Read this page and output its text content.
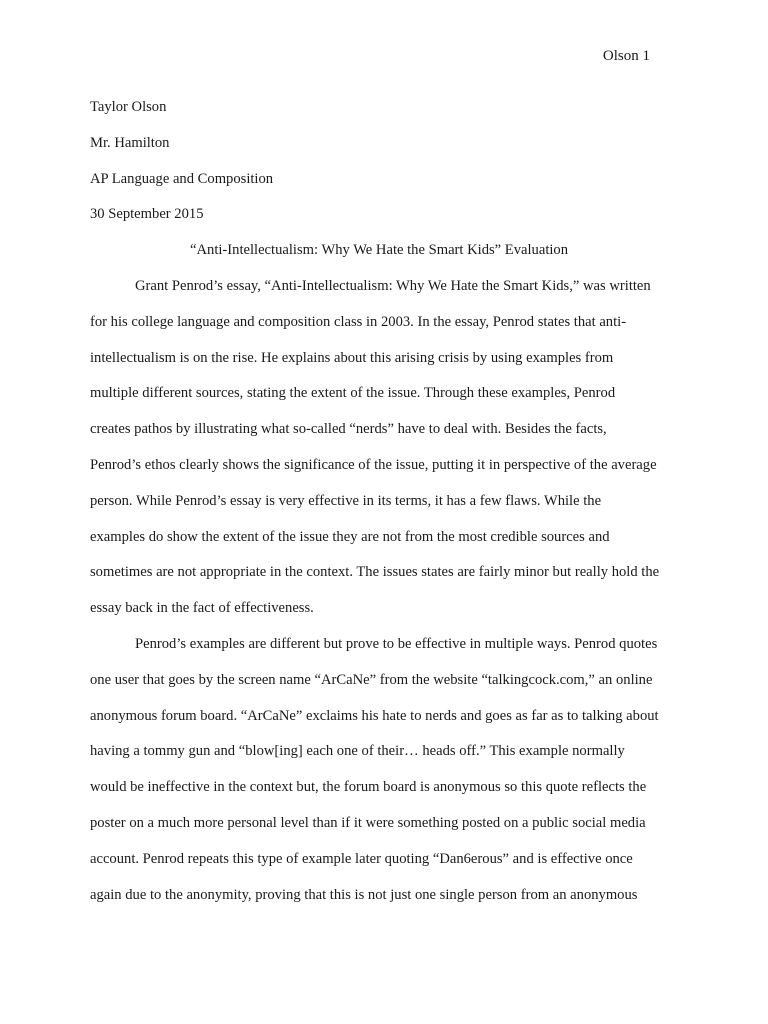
Olson 1
Taylor Olson
Mr. Hamilton
AP Language and Composition
30 September 2015
“Anti-Intellectualism: Why We Hate the Smart Kids” Evaluation
Grant Penrod’s essay, “Anti-Intellectualism: Why We Hate the Smart Kids,” was written
for his college language and composition class in 2003. In the essay, Penrod states that anti-
intellectualism is on the rise. He explains about this arising crisis by using examples from
multiple different sources, stating the extent of the issue. Through these examples, Penrod
creates pathos by illustrating what so-called “nerds” have to deal with. Besides the facts,
Penrod’s ethos clearly shows the significance of the issue, putting it in perspective of the average
person. While Penrod’s essay is very effective in its terms, it has a few flaws. While the
examples do show the extent of the issue they are not from the most credible sources and
sometimes are not appropriate in the context. The issues states are fairly minor but really hold the
essay back in the fact of effectiveness.
Penrod’s examples are different but prove to be effective in multiple ways. Penrod quotes
one user that goes by the screen name “ArCaNe” from the website “talkingcock.com,” an online
anonymous forum board. “ArCaNe” exclaims his hate to nerds and goes as far as to talking about
having a tommy gun and “blow[ing] each one of their… heads off.” This example normally
would be ineffective in the context but, the forum board is anonymous so this quote reflects the
poster on a much more personal level than if it were something posted on a public social media
account. Penrod repeats this type of example later quoting “Dan6erous” and is effective once
again due to the anonymity, proving that this is not just one single person from an anonymous
